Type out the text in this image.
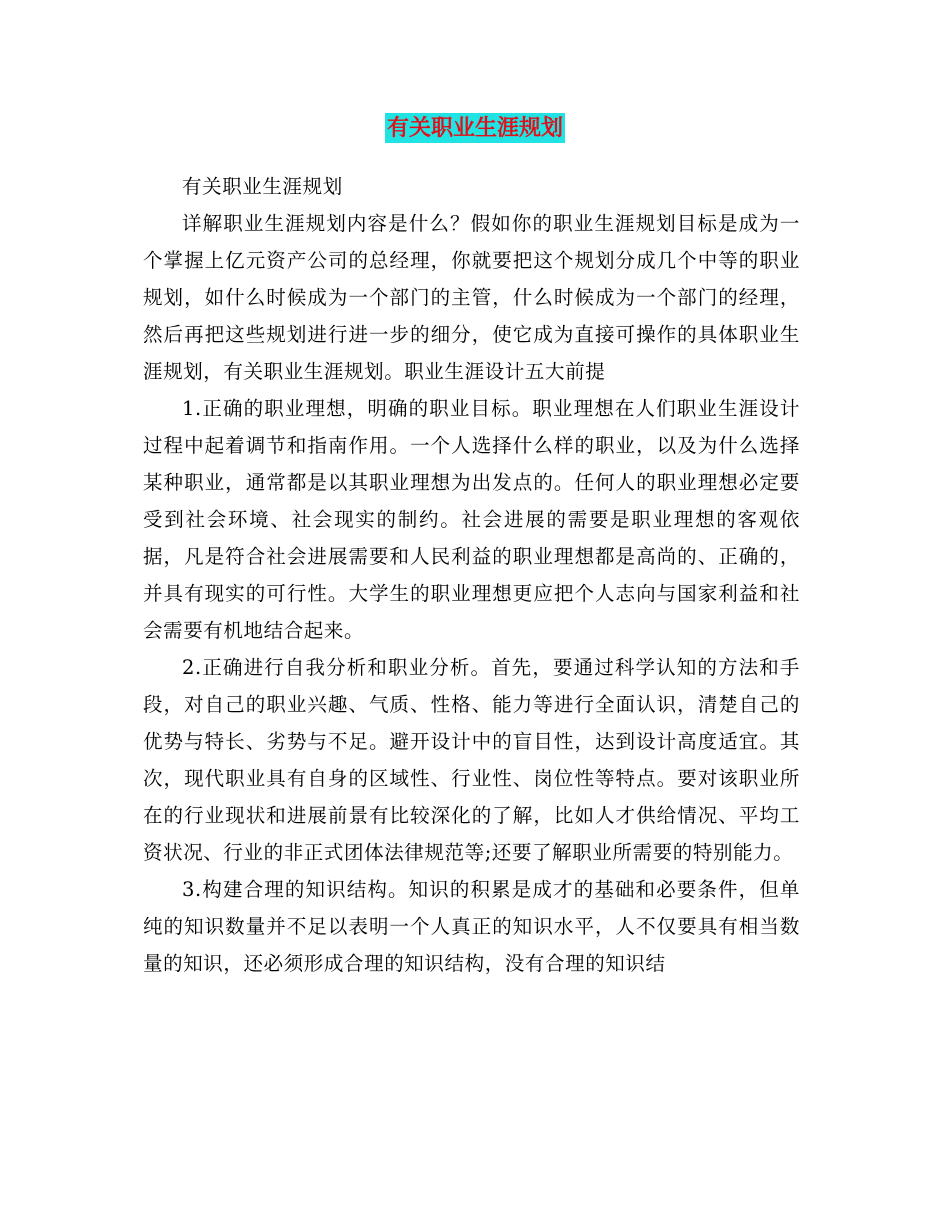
有关职业生涯规划

有关职业生涯规划

详解职业生涯规划内容是什么？假如你的职业生涯规划目标是成为一个掌握上亿元资产公司的总经理，你就要把这个规划分成几个中等的职业规划，如什么时候成为一个部门的主管，什么时候成为一个部门的经理，然后再把这些规划进行进一步的细分，使它成为直接可操作的具体职业生涯规划，有关职业生涯规划。职业生涯设计五大前提

1.正确的职业理想，明确的职业目标。职业理想在人们职业生涯设计过程中起着调节和指南作用。一个人选择什么样的职业，以及为什么选择某种职业，通常都是以其职业理想为出发点的。任何人的职业理想必定要受到社会环境、社会现实的制约。社会进展的需要是职业理想的客观依据，凡是符合社会进展需要和人民利益的职业理想都是高尚的、正确的，并具有现实的可行性。大学生的职业理想更应把个人志向与国家利益和社会需要有机地结合起来。

2.正确进行自我分析和职业分析。首先，要通过科学认知的方法和手段，对自己的职业兴趣、气质、性格、能力等进行全面认识，清楚自己的优势与特长、劣势与不足。避开设计中的盲目性，达到设计高度适宜。其次，现代职业具有自身的区域性、行业性、岗位性等特点。要对该职业所在的行业现状和进展前景有比较深化的了解，比如人才供给情况、平均工资状况、行业的非正式团体法律规范等;还要了解职业所需要的特别能力。

3.构建合理的知识结构。知识的积累是成才的基础和必要条件，但单纯的知识数量并不足以表明一个人真正的知识水平，人不仅要具有相当数量的知识，还必须形成合理的知识结构，没有合理的知识结
